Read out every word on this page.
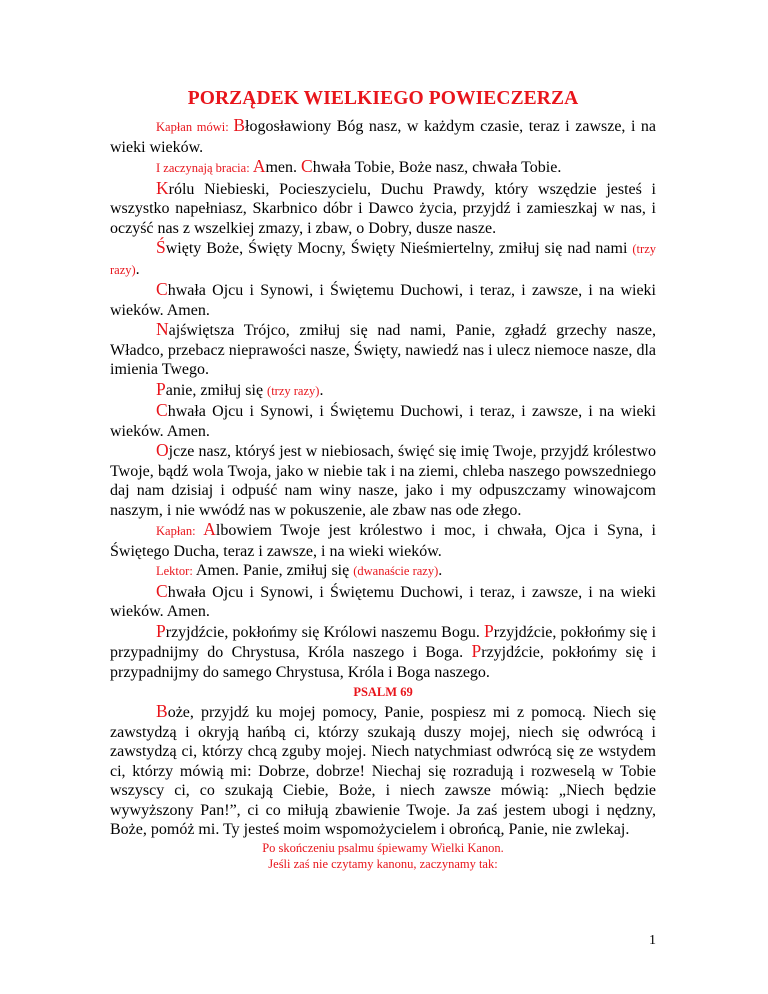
PORZĄDEK WIELKIEGO POWIECZERZA

Kapłan mówi: Błogosławiony Bóg nasz, w każdym czasie, teraz i zawsze, i na wieki wieków.

I zaczynają bracia: Amen. Chwała Tobie, Boże nasz, chwała Tobie.

Królu Niebieski, Pocieszycielu, Duchu Prawdy, który wszędzie jesteś i wszystko napełniasz, Skarbnico dóbr i Dawco życia, przyjdź i zamieszkaj w nas, i oczyść nas z wszelkiej zmazy, i zbaw, o Dobry, dusze nasze.

Święty Boże, Święty Mocny, Święty Nieśmiertelny, zmiłuj się nad nami (trzy razy).

Chwała Ojcu i Synowi, i Świętemu Duchowi, i teraz, i zawsze, i na wieki wieków. Amen.

Najświętsza Trójco, zmiłuj się nad nami, Panie, zgładź grzechy nasze, Władco, przebacz nieprawości nasze, Święty, nawiedź nas i ulecz niemoce nasze, dla imienia Twego.

Panie, zmiłuj się (trzy razy).

Chwała Ojcu i Synowi, i Świętemu Duchowi, i teraz, i zawsze, i na wieki wieków. Amen.

Ojcze nasz, któryś jest w niebiosach, święć się imię Twoje, przyjdź królestwo Twoje, bądź wola Twoja, jako w niebie tak i na ziemi, chleba naszego powszedniego daj nam dzisiaj i odpuść nam winy nasze, jako i my odpuszczamy winowajcom naszym, i nie wwódź nas w pokuszenie, ale zbaw nas ode złego.

Kapłan: Albowiem Twoje jest królestwo i moc, i chwała, Ojca i Syna, i Świętego Ducha, teraz i zawsze, i na wieki wieków.

Lektor: Amen. Panie, zmiłuj się (dwanaście razy).

Chwała Ojcu i Synowi, i Świętemu Duchowi, i teraz, i zawsze, i na wieki wieków. Amen.

Przyjdźcie, pokłońmy się Królowi naszemu Bogu. Przyjdźcie, pokłońmy się i przypadnijmy do Chrystusa, Króla naszego i Boga. Przyjdźcie, pokłońmy się i przypadnijmy do samego Chrystusa, Króla i Boga naszego.

PSALM 69

Boże, przyjdź ku mojej pomocy, Panie, pospiesz mi z pomocą. Niech się zawstydzą i okryją hańbą ci, którzy szukają duszy mojej, niech się odwrócą i zawstydzą ci, którzy chcą zguby mojej. Niech natychmiast odwrócą się ze wstydem ci, którzy mówią mi: Dobrze, dobrze! Niechaj się rozradują i rozweselą w Tobie wszyscy ci, co szukają Ciebie, Boże, i niech zawsze mówią: „Niech będzie wywyższony Pan!”, ci co miłują zbawienie Twoje. Ja zaś jestem ubogi i nędzny, Boże, pomóż mi. Ty jesteś moim wspomożycielem i obrońcą, Panie, nie zwlekaj.

Po skończeniu psalmu śpiewamy Wielki Kanon.
Jeśli zaś nie czytamy kanonu, zaczynamy tak:
1
